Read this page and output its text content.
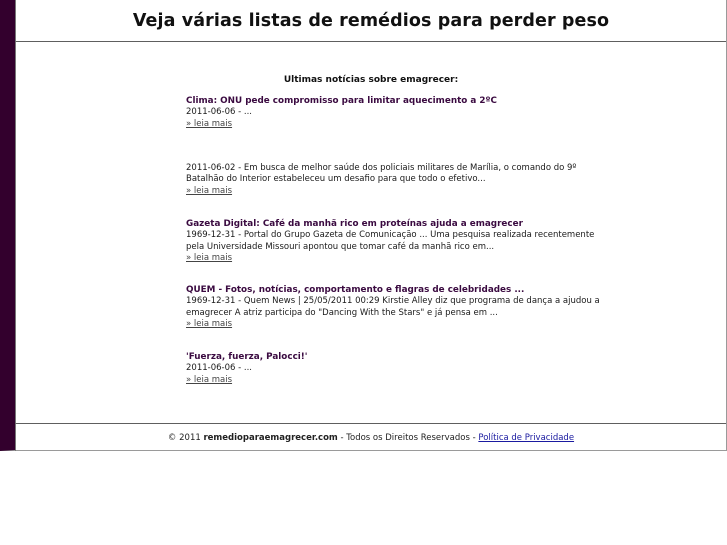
Veja várias listas de remédios para perder peso
Ultimas notícias sobre emagrecer:
Clima: ONU pede compromisso para limitar aquecimento a 2ºC
2011-06-06 - ...
» leia mais
2011-06-02 - Em busca de melhor saúde dos policiais militares de Marília, o comando do 9º Batalhão do Interior estabeleceu um desafio para que todo o efetivo...
» leia mais
Gazeta Digital: Café da manhã rico em proteínas ajuda a emagrecer
1969-12-31 - Portal do Grupo Gazeta de Comunicação ... Uma pesquisa realizada recentemente pela Universidade Missouri apontou que tomar café da manhã rico em...
» leia mais
QUEM - Fotos, notícias, comportamento e flagras de celebridades ...
1969-12-31 - Quem News | 25/05/2011 00:29 Kirstie Alley diz que programa de dança a ajudou a emagrecer A atriz participa do "Dancing With the Stars" e já pensa em ...
» leia mais
'Fuerza, fuerza, Palocci!'
2011-06-06 - ...
» leia mais
© 2011
remedioparaemagrecer.com
- Todos os Direitos Reservados -
Política de Privacidade
